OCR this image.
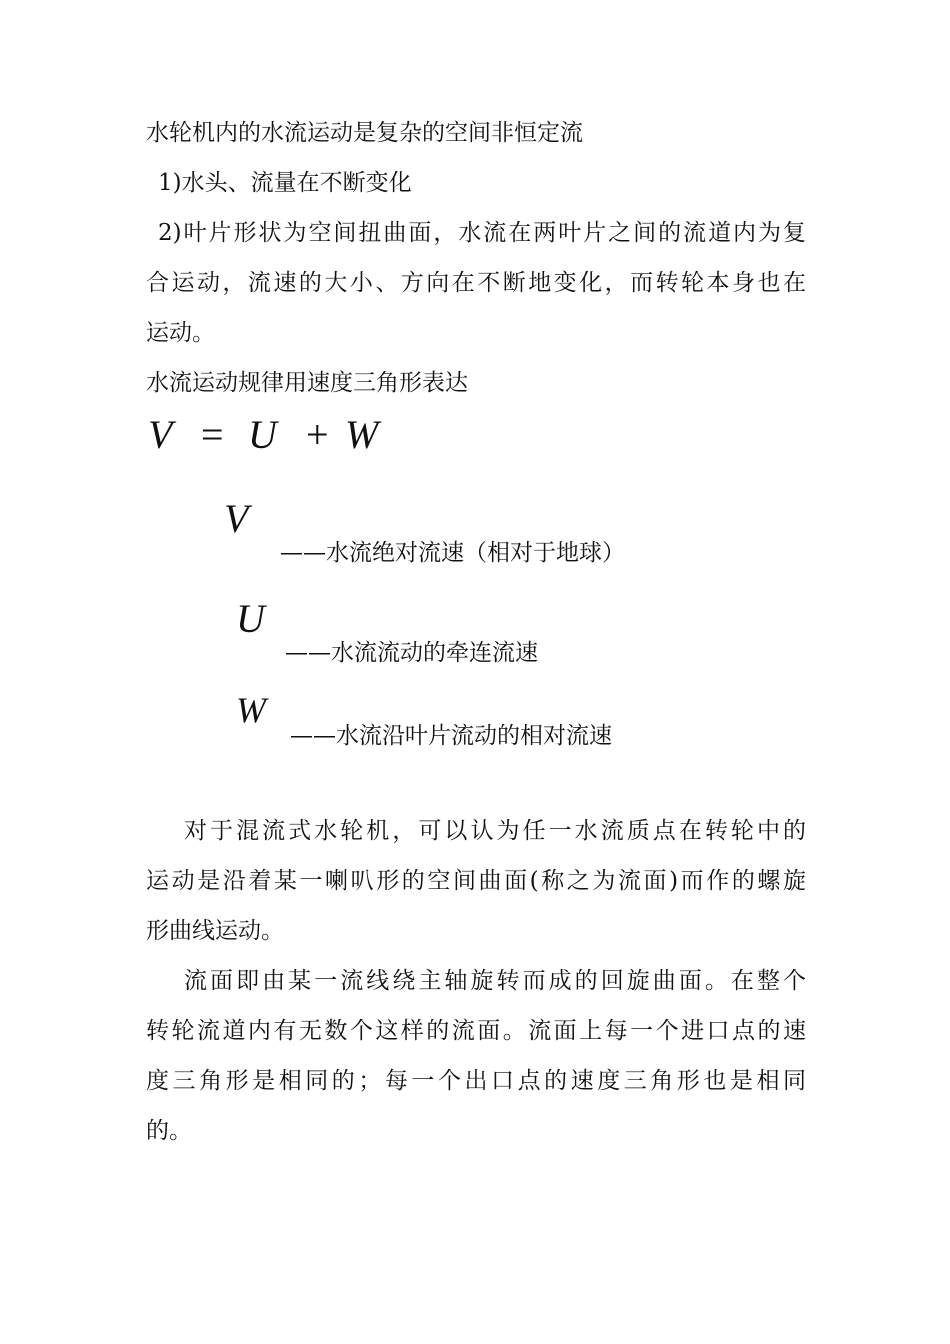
水轮机内的水流运动是复杂的空间非恒定流
1)水头、流量在不断变化
2)叶片形状为空间扭曲面，水流在两叶片之间的流道内为复
合运动，流速的大小、方向在不断地变化，而转轮本身也在
运动。
水流运动规律用速度三角形表达
V = U + W
V
——水流绝对流速（相对于地球）
U
——水流流动的牵连流速
W
——水流沿叶片流动的相对流速
对于混流式水轮机，可以认为任一水流质点在转轮中的
运动是沿着某一喇叭形的空间曲面(称之为流面)而作的螺旋
形曲线运动。
流面即由某一流线绕主轴旋转而成的回旋曲面。在整个
转轮流道内有无数个这样的流面。流面上每一个进口点的速
度三角形是相同的；每一个出口点的速度三角形也是相同
的。
